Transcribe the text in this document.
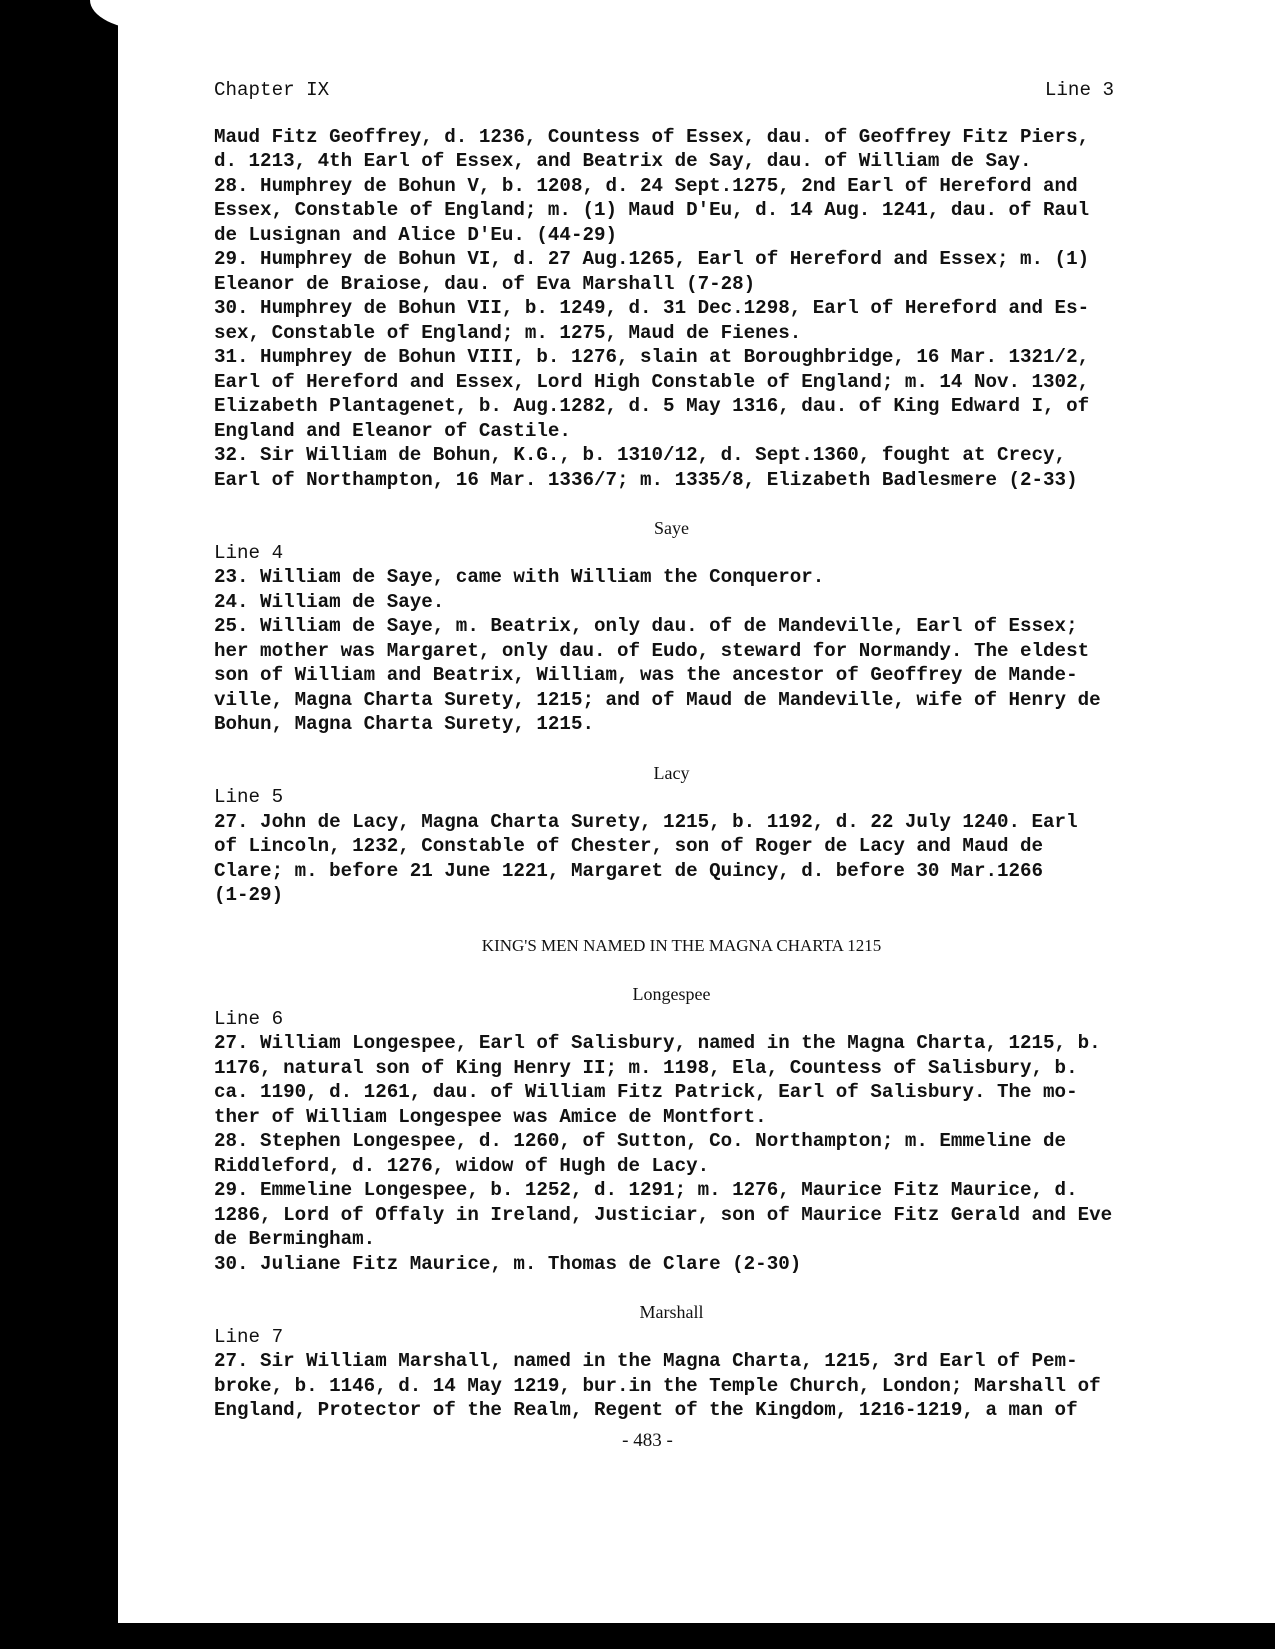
Chapter IX	Line 3
Maud Fitz Geoffrey, d. 1236, Countess of Essex, dau. of Geoffrey Fitz Piers,
d. 1213, 4th Earl of Essex, and Beatrix de Say, dau. of William de Say.
28. Humphrey de Bohun V, b. 1208, d. 24 Sept.1275, 2nd Earl of Hereford and
Essex, Constable of England; m. (1) Maud D'Eu, d. 14 Aug. 1241, dau. of Raul
de Lusignan and Alice D'Eu. (44-29)
29. Humphrey de Bohun VI, d. 27 Aug.1265, Earl of Hereford and Essex; m. (1)
Eleanor de Braiose, dau. of Eva Marshall (7-28)
30. Humphrey de Bohun VII, b. 1249, d. 31 Dec.1298, Earl of Hereford and Es-
sex, Constable of England; m. 1275, Maud de Fienes.
31. Humphrey de Bohun VIII, b. 1276, slain at Boroughbridge, 16 Mar. 1321/2,
Earl of Hereford and Essex, Lord High Constable of England; m. 14 Nov. 1302,
Elizabeth Plantagenet, b. Aug.1282, d. 5 May 1316, dau. of King Edward I, of
England and Eleanor of Castile.
32. Sir William de Bohun, K.G., b. 1310/12, d. Sept.1360, fought at Crecy,
Earl of Northampton, 16 Mar. 1336/7; m. 1335/8, Elizabeth Badlesmere (2-33)
Saye
Line 4
23. William de Saye, came with William the Conqueror.
24. William de Saye.
25. William de Saye, m. Beatrix, only dau. of de Mandeville, Earl of Essex;
her mother was Margaret, only dau. of Eudo, steward for Normandy. The eldest
son of William and Beatrix, William, was the ancestor of Geoffrey de Mande-
ville, Magna Charta Surety, 1215; and of Maud de Mandeville, wife of Henry de
Bohun, Magna Charta Surety, 1215.
Lacy
Line 5
27. John de Lacy, Magna Charta Surety, 1215, b. 1192, d. 22 July 1240. Earl
of Lincoln, 1232, Constable of Chester, son of Roger de Lacy and Maud de
Clare; m. before 21 June 1221, Margaret de Quincy, d. before 30 Mar.1266
(1-29)
KING'S MEN NAMED IN THE MAGNA CHARTA 1215
Longespee
Line 6
27. William Longespee, Earl of Salisbury, named in the Magna Charta, 1215, b.
1176, natural son of King Henry II; m. 1198, Ela, Countess of Salisbury, b.
ca. 1190, d. 1261, dau. of William Fitz Patrick, Earl of Salisbury. The mo-
ther of William Longespee was Amice de Montfort.
28. Stephen Longespee, d. 1260, of Sutton, Co. Northampton; m. Emmeline de
Riddleford, d. 1276, widow of Hugh de Lacy.
29. Emmeline Longespee, b. 1252, d. 1291; m. 1276, Maurice Fitz Maurice, d.
1286, Lord of Offaly in Ireland, Justiciar, son of Maurice Fitz Gerald and Eve
de Bermingham.
30. Juliane Fitz Maurice, m. Thomas de Clare (2-30)
Marshall
Line 7
27. Sir William Marshall, named in the Magna Charta, 1215, 3rd Earl of Pem-
broke, b. 1146, d. 14 May 1219, bur.in the Temple Church, London; Marshall of
England, Protector of the Realm, Regent of the Kingdom, 1216-1219, a man of
- 483 -
